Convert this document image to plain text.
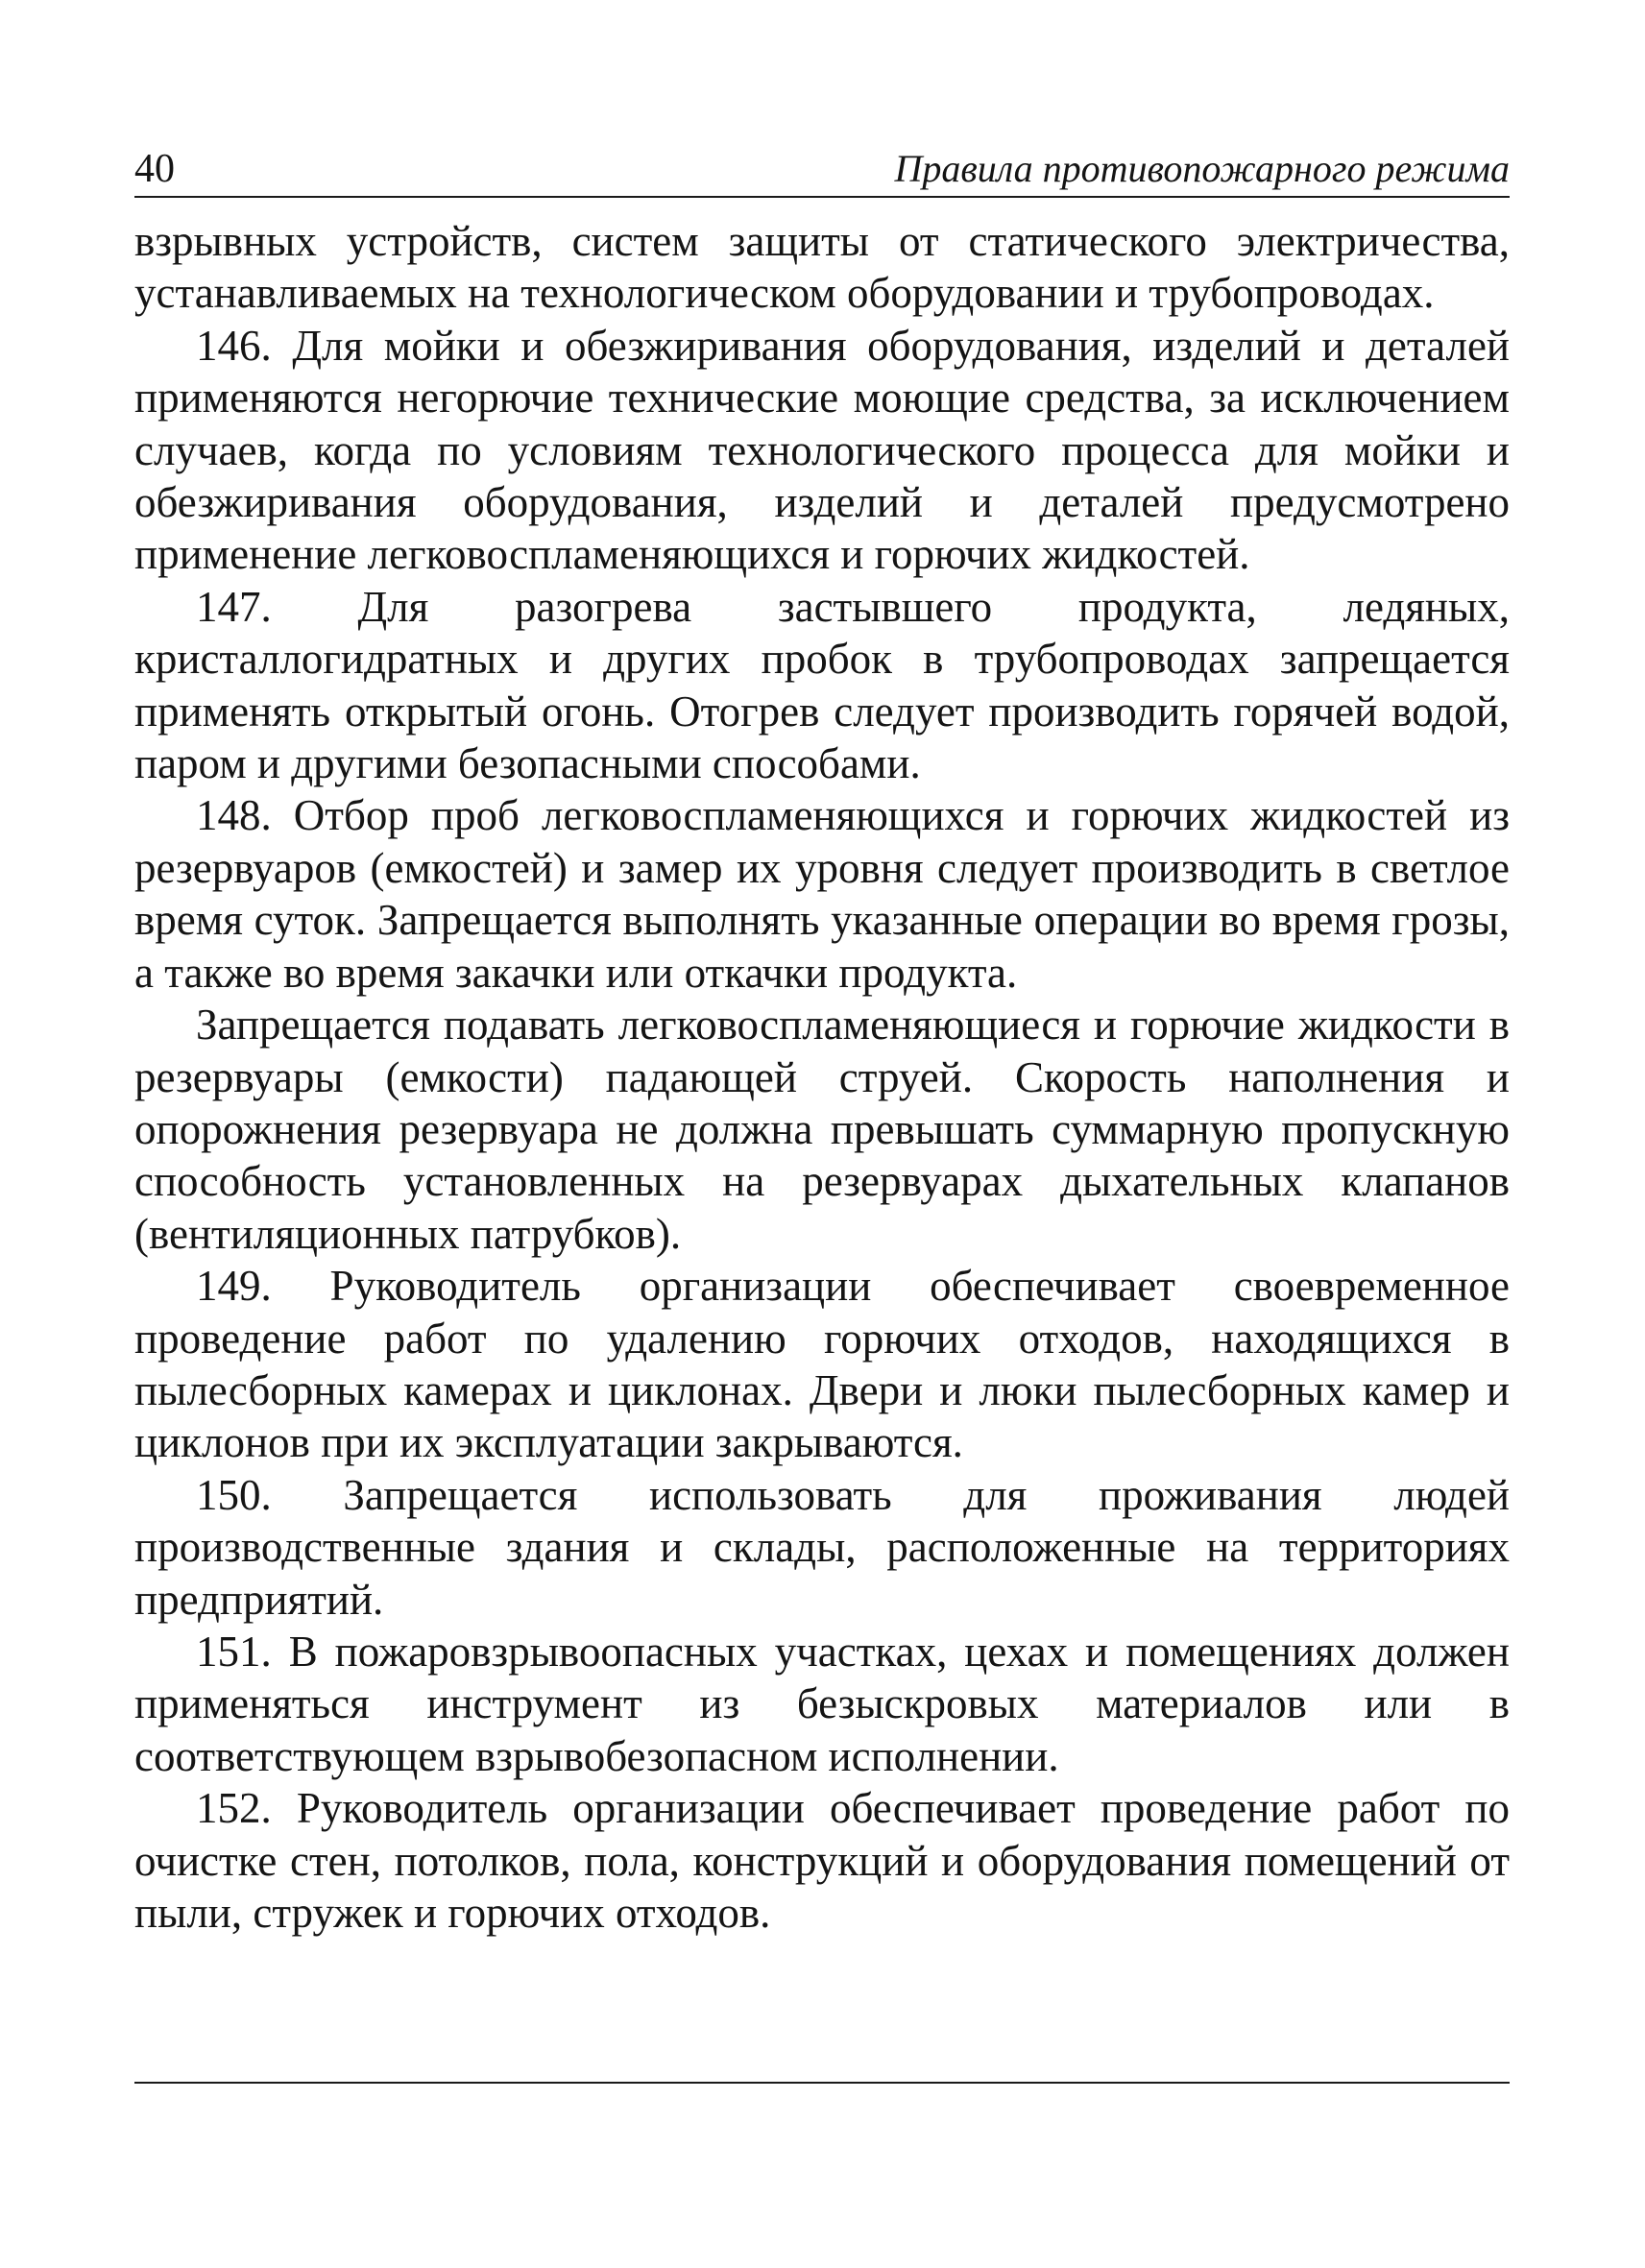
40	Правила противопожарного режима

взрывных устройств, систем защиты от статического электричества, устанавливаемых на технологическом оборудовании и трубопроводах.

146. Для мойки и обезжиривания оборудования, изделий и деталей применяются негорючие технические моющие средства, за исключением случаев, когда по условиям технологического процесса для мойки и обезжиривания оборудования, изделий и деталей предусмотрено применение легковоспламеняющихся и горючих жидкостей.

147. Для разогрева застывшего продукта, ледяных, кристаллогидратных и других пробок в трубопроводах запрещается применять открытый огонь. Отогрев следует производить горячей водой, паром и другими безопасными способами.

148. Отбор проб легковоспламеняющихся и горючих жидкостей из резервуаров (емкостей) и замер их уровня следует производить в светлое время суток. Запрещается выполнять указанные операции во время грозы, а также во время закачки или откачки продукта.

Запрещается подавать легковоспламеняющиеся и горючие жидкости в резервуары (емкости) падающей струей. Скорость наполнения и опорожнения резервуара не должна превышать суммарную пропускную способность установленных на резервуарах дыхательных клапанов (вентиляционных патрубков).

149. Руководитель организации обеспечивает своевременное проведение работ по удалению горючих отходов, находящихся в пылесборных камерах и циклонах. Двери и люки пылесборных камер и циклонов при их эксплуатации закрываются.

150. Запрещается использовать для проживания людей производственные здания и склады, расположенные на территориях предприятий.

151. В пожаровзрывоопасных участках, цехах и помещениях должен применяться инструмент из безыскровых материалов или в соответствующем взрывобезопасном исполнении.

152. Руководитель организации обеспечивает проведение работ по очистке стен, потолков, пола, конструкций и оборудования помещений от пыли, стружек и горючих отходов.
